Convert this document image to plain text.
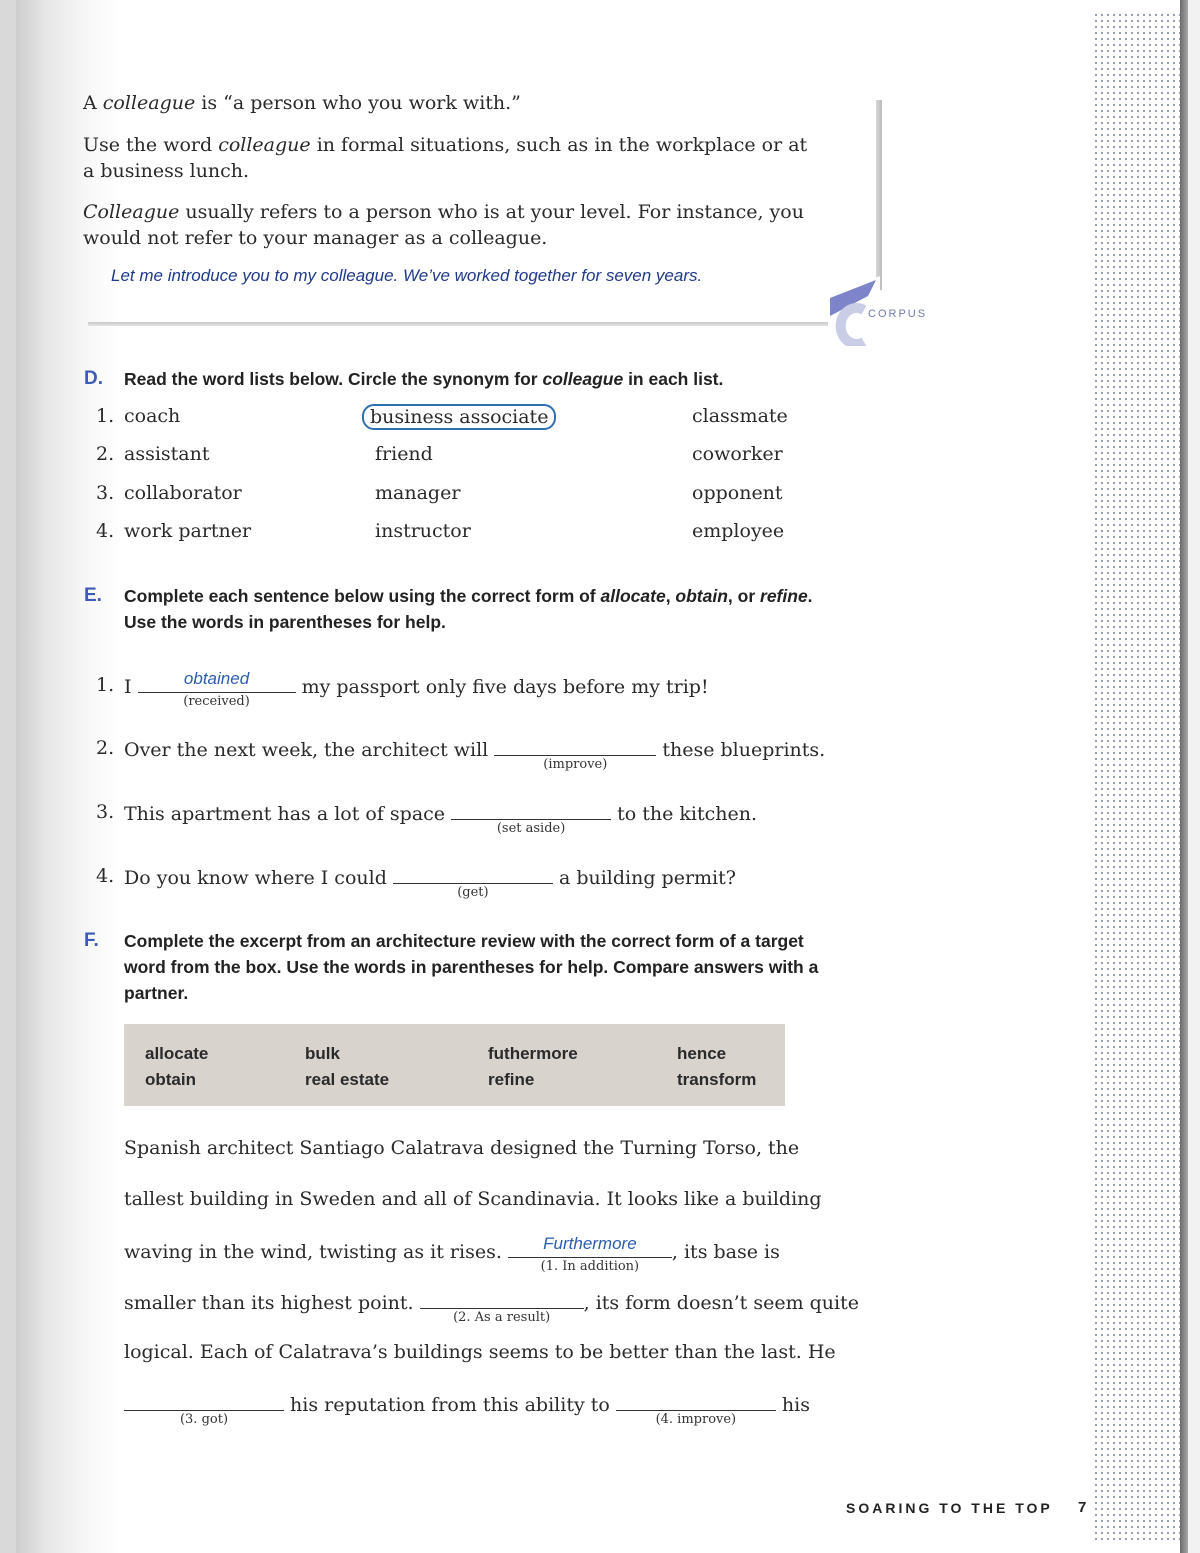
A colleague is “a person who you work with.”

Use the word colleague in formal situations, such as in the workplace or at a business lunch.

Colleague usually refers to a person who is at your level. For instance, you would not refer to your manager as a colleague.

Let me introduce you to my colleague. We’ve worked together for seven years.
CORPUS
D. Read the word lists below. Circle the synonym for colleague in each list.
1. coach	business associate	classmate
2. assistant	friend	coworker
3. collaborator	manager	opponent
4. work partner	instructor	employee
E. Complete each sentence below using the correct form of allocate, obtain, or refine. Use the words in parentheses for help.
1. I	obtained
(received)
my passport only five days before my trip!
2. Over the next week, the architect will
(improve)
these blueprints.
3. This apartment has a lot of space
(set aside)
to the kitchen.
4. Do you know where I could
(get)
a building permit?
F. Complete the excerpt from an architecture review with the correct form of a target word from the box. Use the words in parentheses for help. Compare answers with a partner.
allocate	bulk	futhermore	hence
obtain	real estate	refine	transform
Spanish architect Santiago Calatrava designed the Turning Torso, the
tallest building in Sweden and all of Scandinavia. It looks like a building
waving in the wind, twisting as it rises.	Furthermore
(1. In addition)
, its base is
smaller than its highest point.
(2. As a result)
, its form doesn’t seem quite
logical. Each of Calatrava’s buildings seems to be better than the last. He
(3. got)
his reputation from this ability to
(4. improve)
his
SOARING TO THE TOP 7
